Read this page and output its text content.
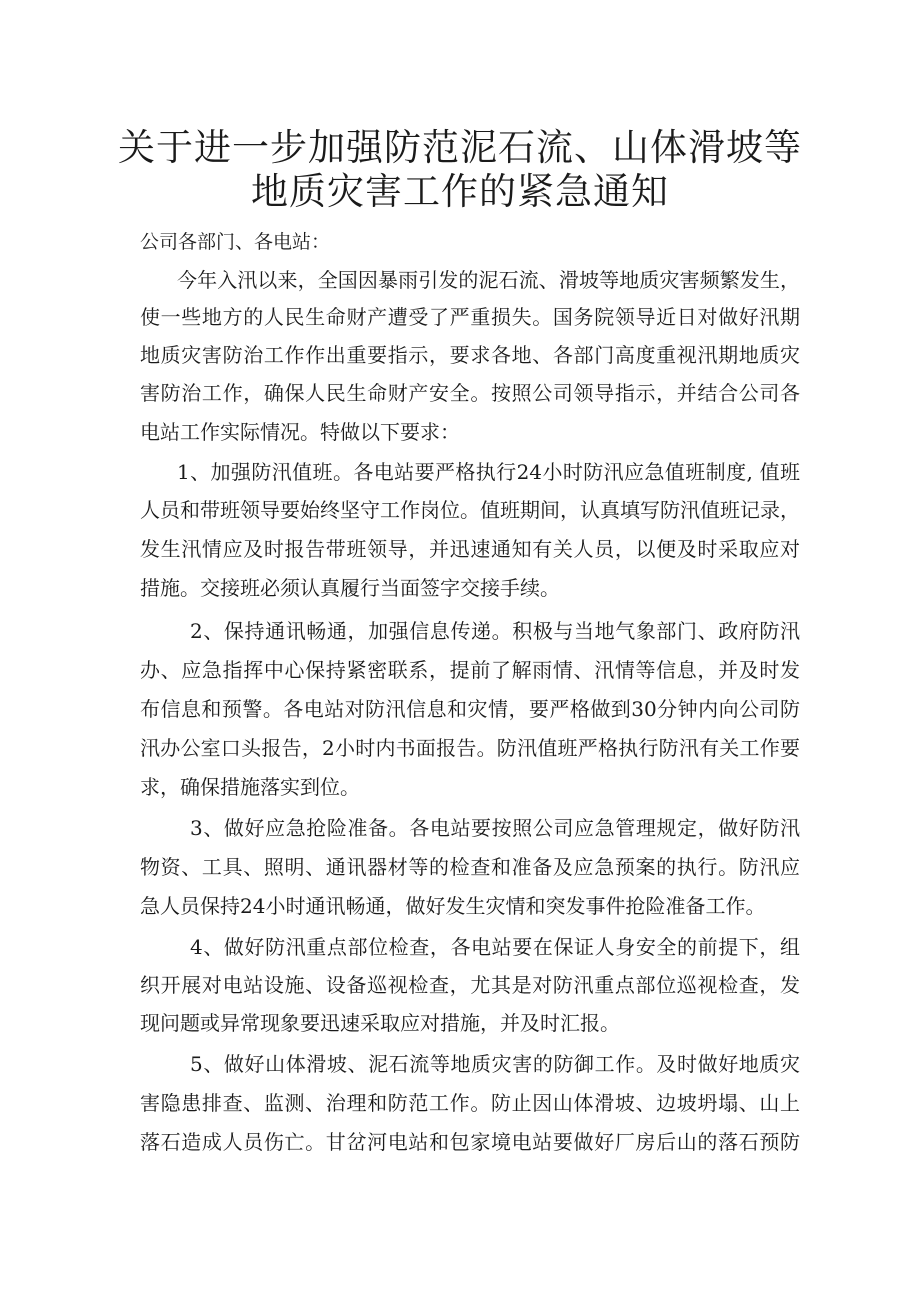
关于进一步加强防范泥石流、山体滑坡等
地质灾害工作的紧急通知
公司各部门、各电站：
今年入汛以来，全国因暴雨引发的泥石流、滑坡等地质灾害频繁发生，
使一些地方的人民生命财产遭受了严重损失。国务院领导近日对做好汛期
地质灾害防治工作作出重要指示，要求各地、各部门高度重视汛期地质灾
害防治工作，确保人民生命财产安全。按照公司领导指示，并结合公司各
电站工作实际情况。特做以下要求：
1、加强防汛值班。各电站要严格执行24小时防汛应急值班制度, 值班
人员和带班领导要始终坚守工作岗位。值班期间，认真填写防汛值班记录，
发生汛情应及时报告带班领导，并迅速通知有关人员，以便及时采取应对
措施。交接班必须认真履行当面签字交接手续。
2、保持通讯畅通，加强信息传递。积极与当地气象部门、政府防汛
办、应急指挥中心保持紧密联系，提前了解雨情、汛情等信息，并及时发
布信息和预警。各电站对防汛信息和灾情，要严格做到30分钟内向公司防
汛办公室口头报告，2小时内书面报告。防汛值班严格执行防汛有关工作要
求，确保措施落实到位。
3、做好应急抢险准备。各电站要按照公司应急管理规定，做好防汛
物资、工具、照明、通讯器材等的检查和准备及应急预案的执行。防汛应
急人员保持24小时通讯畅通，做好发生灾情和突发事件抢险准备工作。
4、做好防汛重点部位检查，各电站要在保证人身安全的前提下，组
织开展对电站设施、设备巡视检查，尤其是对防汛重点部位巡视检查，发
现问题或异常现象要迅速采取应对措施，并及时汇报。
5、做好山体滑坡、泥石流等地质灾害的防御工作。及时做好地质灾
害隐患排查、监测、治理和防范工作。防止因山体滑坡、边坡坍塌、山上
落石造成人员伤亡。甘岔河电站和包家境电站要做好厂房后山的落石预防
